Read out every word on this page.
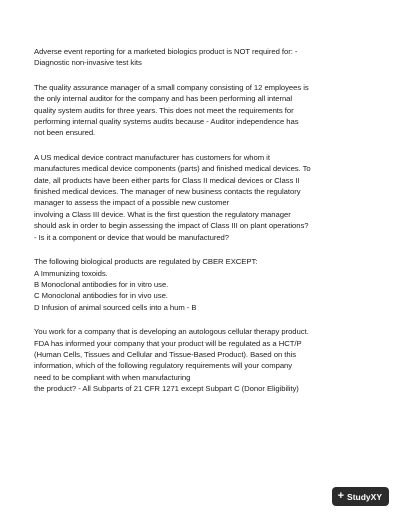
Adverse event reporting for a marketed biologics product is NOT required for: -
Diagnostic non-invasive test kits

The quality assurance manager of a small company consisting of 12 employees is
the only internal auditor for the company and has been performing all internal
quality system audits for three years. This does not meet the requirements for
performing internal quality systems audits because - Auditor independence has
not been ensured.

A US medical device contract manufacturer has customers for whom it
manufactures medical device components (parts) and finished medical devices. To
date, all products have been either parts for Class II medical devices or Class II
finished medical devices. The manager of new business contacts the regulatory
manager to assess the impact of a possible new customer
involving a Class III device. What is the first question the regulatory manager
should ask in order to begin assessing the impact of Class III on plant operations?
- Is it a component or device that would be manufactured?

The following biological products are regulated by CBER EXCEPT:
A Immunizing toxoids.
B Monoclonal antibodies for in vitro use.
C Monoclonal antibodies for in vivo use.
D Infusion of animal sourced cells into a hum - B

You work for a company that is developing an autologous cellular therapy product.
FDA has informed your company that your product will be regulated as a HCT/P
(Human Cells, Tissues and Cellular and Tissue-Based Product). Based on this
information, which of the following regulatory requirements will your company
need to be compliant with when manufacturing
the product? - All Subparts of 21 CFR 1271 except Subpart C (Donor Eligibility)

+ StudyXY
